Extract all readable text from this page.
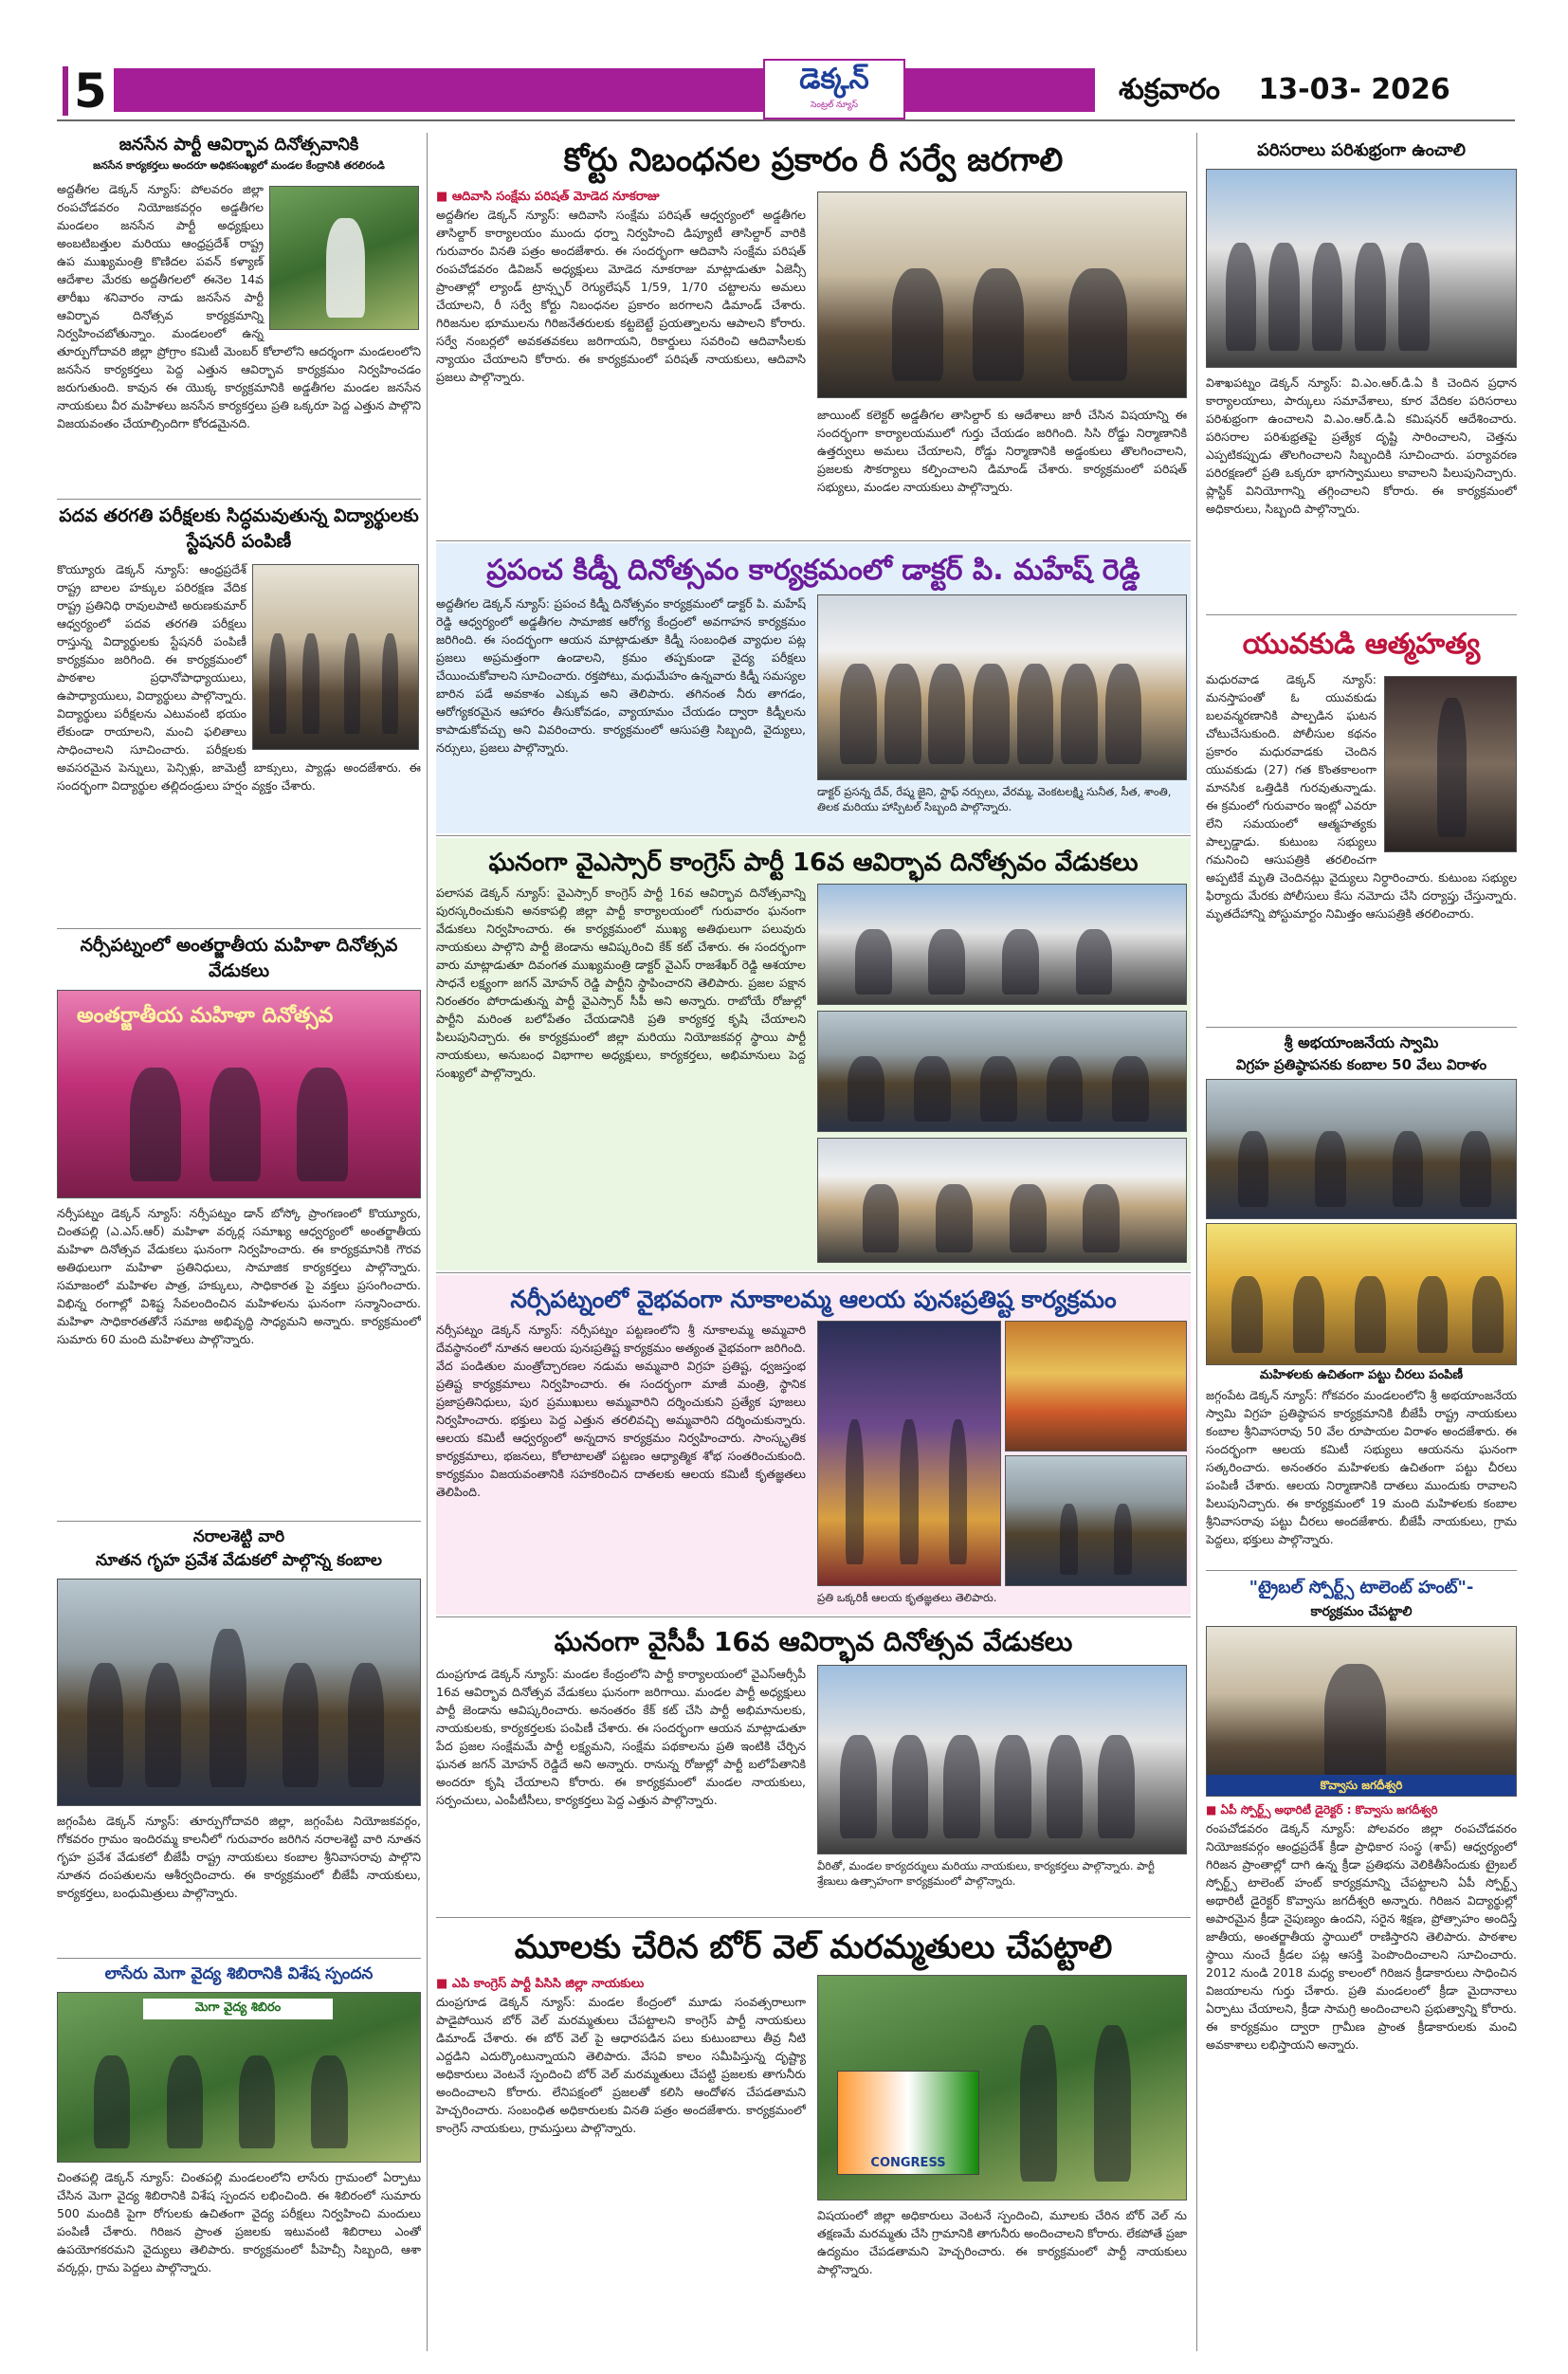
5	డెక్కన్
సెంట్రల్ న్యూస్	శుక్రవారం 13-03- 2026
జనసేన పార్టీ ఆవిర్భావ దినోత్సవానికి
జనసేన కార్యకర్తలు అందరూ అధికసంఖ్యలో మండల కేంద్రానికి తరలిరండి
అద్దతీగల డెక్కన్ న్యూస్: పోలవరం జిల్లా రంపచోడవరం నియోజకవర్గం అడ్డతీగల మండలం జనసేన పార్టీ అధ్యక్షులు అంబటిబత్తుల మరియు ఆంధ్రప్రదేశ్ రాష్ట్ర ఉప ముఖ్యమంత్రి కొణిదల పవన్ కళ్యాణ్ ఆదేశాల మేరకు అద్దతీగలలో ఈనెల 14వ తారీఖు శనివారం నాడు జనసేన పార్టీ ఆవిర్భావ దినోత్సవ కార్యక్రమాన్ని నిర్వహించబోతున్నాం. మండలంలో ఉన్న తూర్పుగోదావరి జిల్లా ప్రోగ్రాం కమిటీ మెంబర్ కోలాలోని ఆదర్శంగా మండలంలోని జనసేన కార్యకర్తలు పెద్ద ఎత్తున ఆవిర్భావ కార్యక్రమం నిర్వహించడం జరుగుతుంది. కావున ఈ యొక్క కార్యక్రమానికి అడ్డతీగల మండల జనసేన నాయకులు వీర మహిళలు జనసేన కార్యకర్తలు ప్రతి ఒక్కరూ పెద్ద ఎత్తున పాల్గొని విజయవంతం చేయాల్సిందిగా కోరడమైనది.
పదవ తరగతి పరీక్షలకు సిద్ధమవుతున్న విద్యార్థులకు స్టేషనరీ పంపిణీ
కొయ్యూరు డెక్కన్ న్యూస్: ఆంధ్రప్రదేశ్ రాష్ట్ర బాలల హక్కుల పరిరక్షణ వేదిక రాష్ట్ర ప్రతినిధి రావులపాటి అరుణకుమార్ ఆధ్వర్యంలో పదవ తరగతి పరీక్షలు రాస్తున్న విద్యార్థులకు స్టేషనరీ పంపిణీ కార్యక్రమం జరిగింది. ఈ కార్యక్రమంలో పాఠశాల ప్రధానోపాధ్యాయులు, ఉపాధ్యాయులు, విద్యార్థులు పాల్గొన్నారు. విద్యార్థులు పరీక్షలను ఎటువంటి భయం లేకుండా రాయాలని, మంచి ఫలితాలు సాధించాలని సూచించారు. పరీక్షలకు అవసరమైన పెన్నులు, పెన్సిళ్లు, జామెట్రీ బాక్సులు, ప్యాడ్లు అందజేశారు. ఈ సందర్భంగా విద్యార్థుల తల్లిదండ్రులు హర్షం వ్యక్తం చేశారు.
నర్సీపట్నంలో అంతర్జాతీయ మహిళా దినోత్సవ వేడుకలు
అంతర్జాతీయ మహిళా దినోత్సవ
నర్సీపట్నం డెక్కన్ న్యూస్: నర్సీపట్నం డాన్ బోస్కో ప్రాంగణంలో కొయ్యూరు, చింతపల్లి (ఎ.ఎస్.ఆర్) మహిళా వర్కర్ల సమాఖ్య ఆధ్వర్యంలో అంతర్జాతీయ మహిళా దినోత్సవ వేడుకలు ఘనంగా నిర్వహించారు. ఈ కార్యక్రమానికి గౌరవ అతిథులుగా మహిళా ప్రతినిధులు, సామాజిక కార్యకర్తలు పాల్గొన్నారు. సమాజంలో మహిళల పాత్ర, హక్కులు, సాధికారత పై వక్తలు ప్రసంగించారు. విభిన్న రంగాల్లో విశిష్ట సేవలందించిన మహిళలను ఘనంగా సన్మానించారు. మహిళా సాధికారతతోనే సమాజ అభివృద్ధి సాధ్యమని అన్నారు. కార్యక్రమంలో సుమారు 60 మంది మహిళలు పాల్గొన్నారు.
నరాలశెట్టి వారి
నూతన గృహ ప్రవేశ వేడుకలో పాల్గొన్న కంబాల
జగ్గంపేట డెక్కన్ న్యూస్: తూర్పుగోదావరి జిల్లా, జగ్గంపేట నియోజకవర్గం, గోకవరం గ్రామం ఇందిరమ్మ కాలనీలో గురువారం జరిగిన నరాలశెట్టి వారి నూతన గృహ ప్రవేశ వేడుకలో బీజేపీ రాష్ట్ర నాయకులు కంబాల శ్రీనివాసరావు పాల్గొని నూతన దంపతులను ఆశీర్వదించారు. ఈ కార్యక్రమంలో బీజేపీ నాయకులు, కార్యకర్తలు, బంధుమిత్రులు పాల్గొన్నారు.
లాసేరు మెగా వైద్య శిబిరానికి విశేష స్పందన
మెగా వైద్య శిబిరం
చింతపల్లి డెక్కన్ న్యూస్: చింతపల్లి మండలంలోని లాసేరు గ్రామంలో ఏర్పాటు చేసిన మెగా వైద్య శిబిరానికి విశేష స్పందన లభించింది. ఈ శిబిరంలో సుమారు 500 మందికి పైగా రోగులకు ఉచితంగా వైద్య పరీక్షలు నిర్వహించి మందులు పంపిణీ చేశారు. గిరిజన ప్రాంత ప్రజలకు ఇటువంటి శిబిరాలు ఎంతో ఉపయోగకరమని వైద్యులు తెలిపారు. కార్యక్రమంలో పీహెచ్సీ సిబ్బంది, ఆశా వర్కర్లు, గ్రామ పెద్దలు పాల్గొన్నారు.
కోర్టు నిబంధనల ప్రకారం రీ సర్వే జరగాలి
■ ఆదివాసి సంక్షేమ పరిషత్ మోడెద నూకరాజు
అద్దతీగల డెక్కన్ న్యూస్: ఆదివాసి సంక్షేమ పరిషత్ ఆధ్వర్యంలో అడ్డతీగల తాసిల్దార్ కార్యాలయం ముందు ధర్నా నిర్వహించి డిప్యూటీ తాసిల్దార్ వారికి గురువారం వినతి పత్రం అందజేశారు. ఈ సందర్భంగా ఆదివాసి సంక్షేమ పరిషత్ రంపచోడవరం డివిజన్ అధ్యక్షులు మోడెద నూకరాజు మాట్లాడుతూ ఏజెన్సీ ప్రాంతాల్లో ల్యాండ్ ట్రాన్స్ఫర్ రెగ్యులేషన్ 1/59, 1/70 చట్టాలను అమలు చేయాలని, రీ సర్వే కోర్టు నిబంధనల ప్రకారం జరగాలని డిమాండ్ చేశారు. గిరిజనుల భూములను గిరిజనేతరులకు కట్టబెట్టే ప్రయత్నాలను ఆపాలని కోరారు. సర్వే నంబర్లలో అవకతవకలు జరిగాయని, రికార్డులు సవరించి ఆదివాసీలకు న్యాయం చేయాలని కోరారు. ఈ కార్యక్రమంలో పరిషత్ నాయకులు, ఆదివాసి ప్రజలు పాల్గొన్నారు.
జాయింట్ కలెక్టర్ అడ్డతీగల తాసిల్దార్ కు ఆదేశాలు జారీ చేసిన విషయాన్ని ఈ సందర్భంగా కార్యాలయములో గుర్తు చేయడం జరిగింది. సిసి రోడ్డు నిర్మాణానికి ఉత్తర్వులు అమలు చేయాలని, రోడ్డు నిర్మాణానికి అడ్డంకులు తొలగించాలని, ప్రజలకు సౌకర్యాలు కల్పించాలని డిమాండ్ చేశారు. కార్యక్రమంలో పరిషత్ సభ్యులు, మండల నాయకులు పాల్గొన్నారు.
ప్రపంచ కిడ్నీ దినోత్సవం కార్యక్రమంలో డాక్టర్ పి. మహేష్ రెడ్డి
అద్దతీగల డెక్కన్ న్యూస్: ప్రపంచ కిడ్నీ దినోత్సవం కార్యక్రమంలో డాక్టర్ పి. మహేష్ రెడ్డి ఆధ్వర్యంలో అడ్డతీగల సామాజిక ఆరోగ్య కేంద్రంలో అవగాహన కార్యక్రమం జరిగింది. ఈ సందర్భంగా ఆయన మాట్లాడుతూ కిడ్నీ సంబంధిత వ్యాధుల పట్ల ప్రజలు అప్రమత్తంగా ఉండాలని, క్రమం తప్పకుండా వైద్య పరీక్షలు చేయించుకోవాలని సూచించారు. రక్తపోటు, మధుమేహం ఉన్నవారు కిడ్నీ సమస్యల బారిన పడే అవకాశం ఎక్కువ అని తెలిపారు. తగినంత నీరు తాగడం, ఆరోగ్యకరమైన ఆహారం తీసుకోవడం, వ్యాయామం చేయడం ద్వారా కిడ్నీలను కాపాడుకోవచ్చు అని వివరించారు. కార్యక్రమంలో ఆసుపత్రి సిబ్బంది, వైద్యులు, నర్సులు, ప్రజలు పాల్గొన్నారు.
డాక్టర్ ప్రసన్న దేవ్, రేష్మ జైని, స్టాఫ్ నర్సులు, వేరమ్మ, వెంకటలక్ష్మి సునీత, సీత, శాంతి, తిలక మరియు హాస్పిటల్ సిబ్బంది పాల్గొన్నారు.
ఘనంగా వైఎస్సార్ కాంగ్రెస్ పార్టీ 16వ ఆవిర్భావ దినోత్సవం వేడుకలు
పలాసవ డెక్కన్ న్యూస్: వైఎస్సార్ కాంగ్రెస్ పార్టీ 16వ ఆవిర్భావ దినోత్సవాన్ని పురస్కరించుకుని అనకాపల్లి జిల్లా పార్టీ కార్యాలయంలో గురువారం ఘనంగా వేడుకలు నిర్వహించారు. ఈ కార్యక్రమంలో ముఖ్య అతిథులుగా పలువురు నాయకులు పాల్గొని పార్టీ జెండాను ఆవిష్కరించి కేక్ కట్ చేశారు. ఈ సందర్భంగా వారు మాట్లాడుతూ దివంగత ముఖ్యమంత్రి డాక్టర్ వైఎస్ రాజశేఖర్ రెడ్డి ఆశయాల సాధనే లక్ష్యంగా జగన్ మోహన్ రెడ్డి పార్టీని స్థాపించారని తెలిపారు. ప్రజల పక్షాన నిరంతరం పోరాడుతున్న పార్టీ వైఎస్సార్ సీపీ అని అన్నారు. రాబోయే రోజుల్లో పార్టీని మరింత బలోపేతం చేయడానికి ప్రతి కార్యకర్త కృషి చేయాలని పిలుపునిచ్చారు. ఈ కార్యక్రమంలో జిల్లా మరియు నియోజకవర్గ స్థాయి పార్టీ నాయకులు, అనుబంధ విభాగాల అధ్యక్షులు, కార్యకర్తలు, అభిమానులు పెద్ద సంఖ్యలో పాల్గొన్నారు.
నర్సీపట్నంలో వైభవంగా నూకాలమ్మ ఆలయ పునఃప్రతిష్ట కార్యక్రమం
నర్సీపట్నం డెక్కన్ న్యూస్: నర్సీపట్నం పట్టణంలోని శ్రీ నూకాలమ్మ అమ్మవారి దేవస్థానంలో నూతన ఆలయ పునఃప్రతిష్ట కార్యక్రమం అత్యంత వైభవంగా జరిగింది. వేద పండితుల మంత్రోచ్చారణల నడుమ అమ్మవారి విగ్రహ ప్రతిష్ట, ధ్వజస్తంభ ప్రతిష్ట కార్యక్రమాలు నిర్వహించారు. ఈ సందర్భంగా మాజీ మంత్రి, స్థానిక ప్రజాప్రతినిధులు, పుర ప్రముఖులు అమ్మవారిని దర్శించుకుని ప్రత్యేక పూజలు నిర్వహించారు. భక్తులు పెద్ద ఎత్తున తరలివచ్చి అమ్మవారిని దర్శించుకున్నారు. ఆలయ కమిటీ ఆధ్వర్యంలో అన్నదాన కార్యక్రమం నిర్వహించారు. సాంస్కృతిక కార్యక్రమాలు, భజనలు, కోలాటాలతో పట్టణం ఆధ్యాత్మిక శోభ సంతరించుకుంది. కార్యక్రమం విజయవంతానికి సహకరించిన దాతలకు ఆలయ కమిటీ కృతజ్ఞతలు తెలిపింది.
ప్రతి ఒక్కరికీ ఆలయ కృతజ్ఞతలు తెలిపారు.
ఘనంగా వైసీపీ 16వ ఆవిర్భావ దినోత్సవ వేడుకలు
దుంప్రగూడ డెక్కన్ న్యూస్: మండల కేంద్రంలోని పార్టీ కార్యాలయంలో వైఎస్ఆర్సీపీ 16వ ఆవిర్భావ దినోత్సవ వేడుకలు ఘనంగా జరిగాయి. మండల పార్టీ అధ్యక్షులు పార్టీ జెండాను ఆవిష్కరించారు. అనంతరం కేక్ కట్ చేసి పార్టీ అభిమానులకు, నాయకులకు, కార్యకర్తలకు పంపిణీ చేశారు. ఈ సందర్భంగా ఆయన మాట్లాడుతూ పేద ప్రజల సంక్షేమమే పార్టీ లక్ష్యమని, సంక్షేమ పథకాలను ప్రతి ఇంటికి చేర్చిన ఘనత జగన్ మోహన్ రెడ్డిదే అని అన్నారు. రానున్న రోజుల్లో పార్టీ బలోపేతానికి అందరూ కృషి చేయాలని కోరారు. ఈ కార్యక్రమంలో మండల నాయకులు, సర్పంచులు, ఎంపీటీసీలు, కార్యకర్తలు పెద్ద ఎత్తున పాల్గొన్నారు.
వీరితో, మండల కార్యదర్శులు మరియు నాయకులు, కార్యకర్తలు పాల్గొన్నారు. పార్టీ శ్రేణులు ఉత్సాహంగా కార్యక్రమంలో పాల్గొన్నారు.
మూలకు చేరిన బోర్ వెల్ మరమ్మతులు చేపట్టాలి
■ ఎపి కాంగ్రెస్ పార్టీ పిసిసి జిల్లా నాయకులు
దుంప్రగూడ డెక్కన్ న్యూస్: మండల కేంద్రంలో మూడు సంవత్సరాలుగా పాడైపోయిన బోర్ వెల్ మరమ్మతులు చేపట్టాలని కాంగ్రెస్ పార్టీ నాయకులు డిమాండ్ చేశారు. ఈ బోర్ వెల్ పై ఆధారపడిన పలు కుటుంబాలు తీవ్ర నీటి ఎద్దడిని ఎదుర్కొంటున్నాయని తెలిపారు. వేసవి కాలం సమీపిస్తున్న దృష్ట్యా అధికారులు వెంటనే స్పందించి బోర్ వెల్ మరమ్మతులు చేపట్టి ప్రజలకు తాగునీరు అందించాలని కోరారు. లేనిపక్షంలో ప్రజలతో కలిసి ఆందోళన చేపడతామని హెచ్చరించారు. సంబంధిత అధికారులకు వినతి పత్రం అందజేశారు. కార్యక్రమంలో కాంగ్రెస్ నాయకులు, గ్రామస్తులు పాల్గొన్నారు.
CONGRESS
విషయంలో జిల్లా అధికారులు వెంటనే స్పందించి, మూలకు చేరిన బోర్ వెల్ ను తక్షణమే మరమ్మతు చేసి గ్రామానికి తాగునీరు అందించాలని కోరారు. లేకపోతే ప్రజా ఉద్యమం చేపడతామని హెచ్చరించారు. ఈ కార్యక్రమంలో పార్టీ నాయకులు పాల్గొన్నారు.
పరిసరాలు పరిశుభ్రంగా ఉంచాలి
విశాఖపట్నం డెక్కన్ న్యూస్: వి.ఎం.ఆర్.డి.ఏ కి చెందిన ప్రధాన కార్యాలయాలు, పార్కులు సమావేశాలు, కూర వేదికల పరిసరాలు పరిశుభ్రంగా ఉంచాలని వి.ఎం.ఆర్.డి.ఏ కమిషనర్ ఆదేశించారు. పరిసరాల పరిశుభ్రతపై ప్రత్యేక దృష్టి సారించాలని, చెత్తను ఎప్పటికప్పుడు తొలగించాలని సిబ్బందికి సూచించారు. పర్యావరణ పరిరక్షణలో ప్రతి ఒక్కరూ భాగస్వాములు కావాలని పిలుపునిచ్చారు. ప్లాస్టిక్ వినియోగాన్ని తగ్గించాలని కోరారు. ఈ కార్యక్రమంలో అధికారులు, సిబ్బంది పాల్గొన్నారు.
యువకుడి ఆత్మహత్య
మధురవాడ డెక్కన్ న్యూస్: మనస్తాపంతో ఓ యువకుడు బలవన్మరణానికి పాల్పడిన ఘటన చోటుచేసుకుంది. పోలీసుల కథనం ప్రకారం మధురవాడకు చెందిన యువకుడు (27) గత కొంతకాలంగా మానసిక ఒత్తిడికి గురవుతున్నాడు. ఈ క్రమంలో గురువారం ఇంట్లో ఎవరూ లేని సమయంలో ఆత్మహత్యకు పాల్పడ్డాడు. కుటుంబ సభ్యులు గమనించి ఆసుపత్రికి తరలించగా అప్పటికే మృతి చెందినట్లు వైద్యులు నిర్ధారించారు. కుటుంబ సభ్యుల ఫిర్యాదు మేరకు పోలీసులు కేసు నమోదు చేసి దర్యాప్తు చేస్తున్నారు. మృతదేహాన్ని పోస్టుమార్టం నిమిత్తం ఆసుపత్రికి తరలించారు.
శ్రీ అభయాంజనేయ స్వామి
విగ్రహ ప్రతిష్ఠాపనకు కంబాల 50 వేలు విరాళం
మహిళలకు ఉచితంగా పట్టు చీరలు పంపిణీ
జగ్గంపేట డెక్కన్ న్యూస్: గోకవరం మండలంలోని శ్రీ అభయాంజనేయ స్వామి విగ్రహ ప్రతిష్ఠాపన కార్యక్రమానికి బీజేపీ రాష్ట్ర నాయకులు కంబాల శ్రీనివాసరావు 50 వేల రూపాయల విరాళం అందజేశారు. ఈ సందర్భంగా ఆలయ కమిటీ సభ్యులు ఆయనను ఘనంగా సత్కరించారు. అనంతరం మహిళలకు ఉచితంగా పట్టు చీరలు పంపిణీ చేశారు. ఆలయ నిర్మాణానికి దాతలు ముందుకు రావాలని పిలుపునిచ్చారు. ఈ కార్యక్రమంలో 19 మంది మహిళలకు కంబాల శ్రీనివాసరావు పట్టు చీరలు అందజేశారు. బీజేపీ నాయకులు, గ్రామ పెద్దలు, భక్తులు పాల్గొన్నారు.
"ట్రైబల్ స్పోర్ట్స్ టాలెంట్ హంట్"-
కార్యక్రమం చేపట్టాలి
కొవ్వాసు జగదీశ్వరి
■ ఏపీ స్పోర్ట్స్ అథారిటీ డైరెక్టర్ : కొవ్వాసు జగదీశ్వరి
రంపచోడవరం డెక్కన్ న్యూస్: పోలవరం జిల్లా రంపచోడవరం నియోజకవర్గం ఆంధ్రప్రదేశ్ క్రీడా ప్రాధికార సంస్థ (శాప్) ఆధ్వర్యంలో గిరిజన ప్రాంతాల్లో దాగి ఉన్న క్రీడా ప్రతిభను వెలికితీసేందుకు ట్రైబల్ స్పోర్ట్స్ టాలెంట్ హంట్ కార్యక్రమాన్ని చేపట్టాలని ఏపీ స్పోర్ట్స్ అథారిటీ డైరెక్టర్ కొవ్వాసు జగదీశ్వరి అన్నారు. గిరిజన విద్యార్థుల్లో అపారమైన క్రీడా నైపుణ్యం ఉందని, సరైన శిక్షణ, ప్రోత్సాహం అందిస్తే జాతీయ, అంతర్జాతీయ స్థాయిలో రాణిస్తారని తెలిపారు. పాఠశాల స్థాయి నుంచే క్రీడల పట్ల ఆసక్తి పెంపొందించాలని సూచించారు. 2012 నుండి 2018 మధ్య కాలంలో గిరిజన క్రీడాకారులు సాధించిన విజయాలను గుర్తు చేశారు. ప్రతి మండలంలో క్రీడా మైదానాలు ఏర్పాటు చేయాలని, క్రీడా సామగ్రి అందించాలని ప్రభుత్వాన్ని కోరారు. ఈ కార్యక్రమం ద్వారా గ్రామీణ ప్రాంత క్రీడాకారులకు మంచి అవకాశాలు లభిస్తాయని అన్నారు.
